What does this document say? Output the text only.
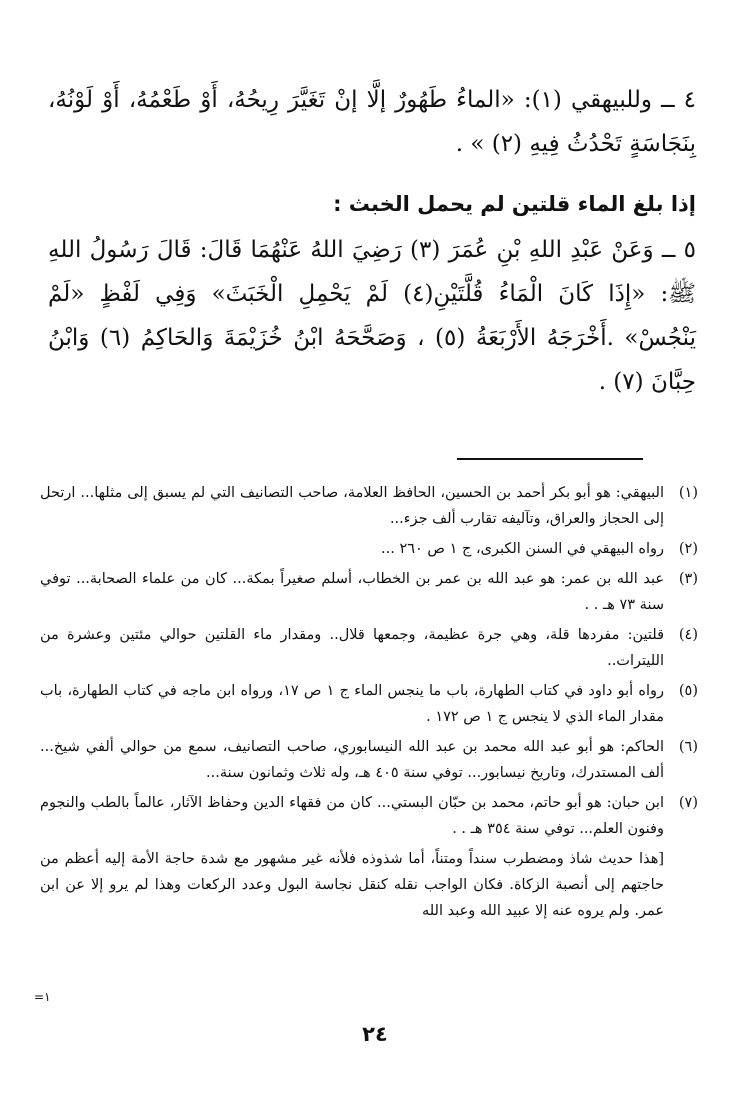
٤ ــ وللبيهقي (١): «الماءُ طَهُورٌ إلَّا إنْ تَغَيَّرَ رِيحُهُ، أَوْ طَعْمُهُ، أَوْ لَوْنُهُ، بِنَجَاسَةٍ تَحْدُثُ فِيهِ (٢) » .

إذا بلغ الماء قلتين لم يحمل الخبث :

٥ ــ وَعَنْ عَبْدِ اللهِ بْنِ عُمَرَ (٣) رَضِيَ اللهُ عَنْهُمَا قَالَ: قَالَ رَسُولُ اللهِ ﷺ: «إِذَا كَانَ الْمَاءُ قُلَّتَيْنِ(٤) لَمْ يَحْمِلِ الْخَبَثَ» وَفِي لَفْظٍ «لَمْ يَنْجُسْ» .أَخْرَجَهُ الأَرْبَعَةُ (٥) ، وَصَحَّحَهُ ابْنُ خُزَيْمَةَ وَالحَاكِمُ (٦) وَابْنُ حِبَّانَ (٧) .

(١)
البيهقي: هو أبو بكر أحمد بن الحسين، الحافظ العلامة، صاحب التصانيف التي لم يسبق إلى مثلها... ارتحل إلى الحجاز والعراق، وتآليفه تقارب ألف جزء...
(٢)
رواه البيهقي في السنن الكبرى، ج ١ ص ٢٦٠ ...
(٣)
عبد الله بن عمر: هو عبد الله بن عمر بن الخطاب، أسلم صغيراً بمكة... كان من علماء الصحابة... توفي سنة ٧٣ هـ . .
(٤)
قلتين: مفردها قلة، وهي جرة عظيمة، وجمعها قلال.. ومقدار ماء القلتين حوالي مئتين وعشرة من الليترات..
(٥)
رواه أبو داود في كتاب الطهارة، باب ما ينجس الماء ج ١ ص ١٧، ورواه ابن ماجه في كتاب الطهارة، باب مقدار الماء الذي لا ينجس ج ١ ص ١٧٢ .
(٦)
الحاكم: هو أبو عبد الله محمد بن عبد الله النيسابوري، صاحب التصانيف، سمع من حوالي ألفي شيخ... ألف المستدرك، وتاريخ نيسابور... توفي سنة ٤٠٥ هـ، وله ثلاث وثمانون سنة...
(٧)
ابن حبان: هو أبو حاتم، محمد بن حبّان البستي... كان من فقهاء الدين وحفاظ الآثار، عالماً بالطب والنجوم وفنون العلم... توفي سنة ٣٥٤ هـ . .
[هذا حديث شاذ ومضطرب سنداً ومتناً، أما شذوذه فلأنه غير مشهور مع شدة حاجة الأمة إليه أعظم من حاجتهم إلى أنصبة الزكاة. فكان الواجب نقله كنقل نجاسة البول وعدد الركعات وهذا لم يرو إلا عن ابن عمر. ولم يروه عنه إلا عبيد الله وعبد الله
=١
٢٤
